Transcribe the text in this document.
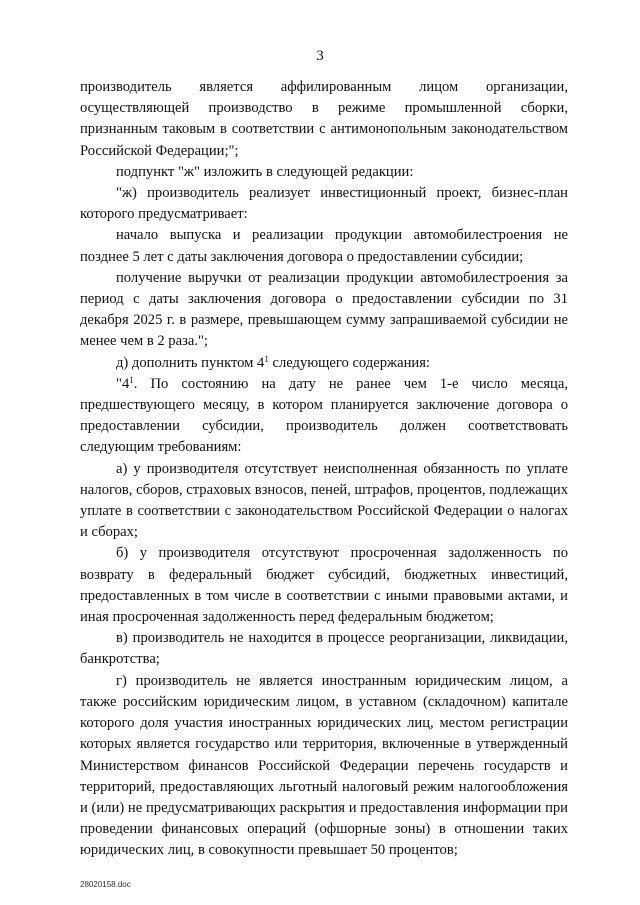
3

производитель является аффилированным лицом организации, осуществляющей производство в режиме промышленной сборки, признанным таковым в соответствии с антимонопольным законодательством Российской Федерации;";

подпункт "ж" изложить в следующей редакции:

"ж) производитель реализует инвестиционный проект, бизнес-план которого предусматривает:

начало выпуска и реализации продукции автомобилестроения не позднее 5 лет с даты заключения договора о предоставлении субсидии;

получение выручки от реализации продукции автомобилестроения за период с даты заключения договора о предоставлении субсидии по 31 декабря 2025 г. в размере, превышающем сумму запрашиваемой субсидии не менее чем в 2 раза.";

д) дополнить пунктом $4^1$ следующего содержания:

"$4^1$. По состоянию на дату не ранее чем 1-е число месяца, предшествующего месяцу, в котором планируется заключение договора о предоставлении субсидии, производитель должен соответствовать следующим требованиям:

а) у производителя отсутствует неисполненная обязанность по уплате налогов, сборов, страховых взносов, пеней, штрафов, процентов, подлежащих уплате в соответствии с законодательством Российской Федерации о налогах и сборах;

б) у производителя отсутствуют просроченная задолженность по возврату в федеральный бюджет субсидий, бюджетных инвестиций, предоставленных в том числе в соответствии с иными правовыми актами, и иная просроченная задолженность перед федеральным бюджетом;

в) производитель не находится в процессе реорганизации, ликвидации, банкротства;

г) производитель не является иностранным юридическим лицом, а также российским юридическим лицом, в уставном (складочном) капитале которого доля участия иностранных юридических лиц, местом регистрации которых является государство или территория, включенные в утвержденный Министерством финансов Российской Федерации перечень государств и территорий, предоставляющих льготный налоговый режим налогообложения и (или) не предусматривающих раскрытия и предоставления информации при проведении финансовых операций (офшорные зоны) в отношении таких юридических лиц, в совокупности превышает 50 процентов;

28020158.doc
